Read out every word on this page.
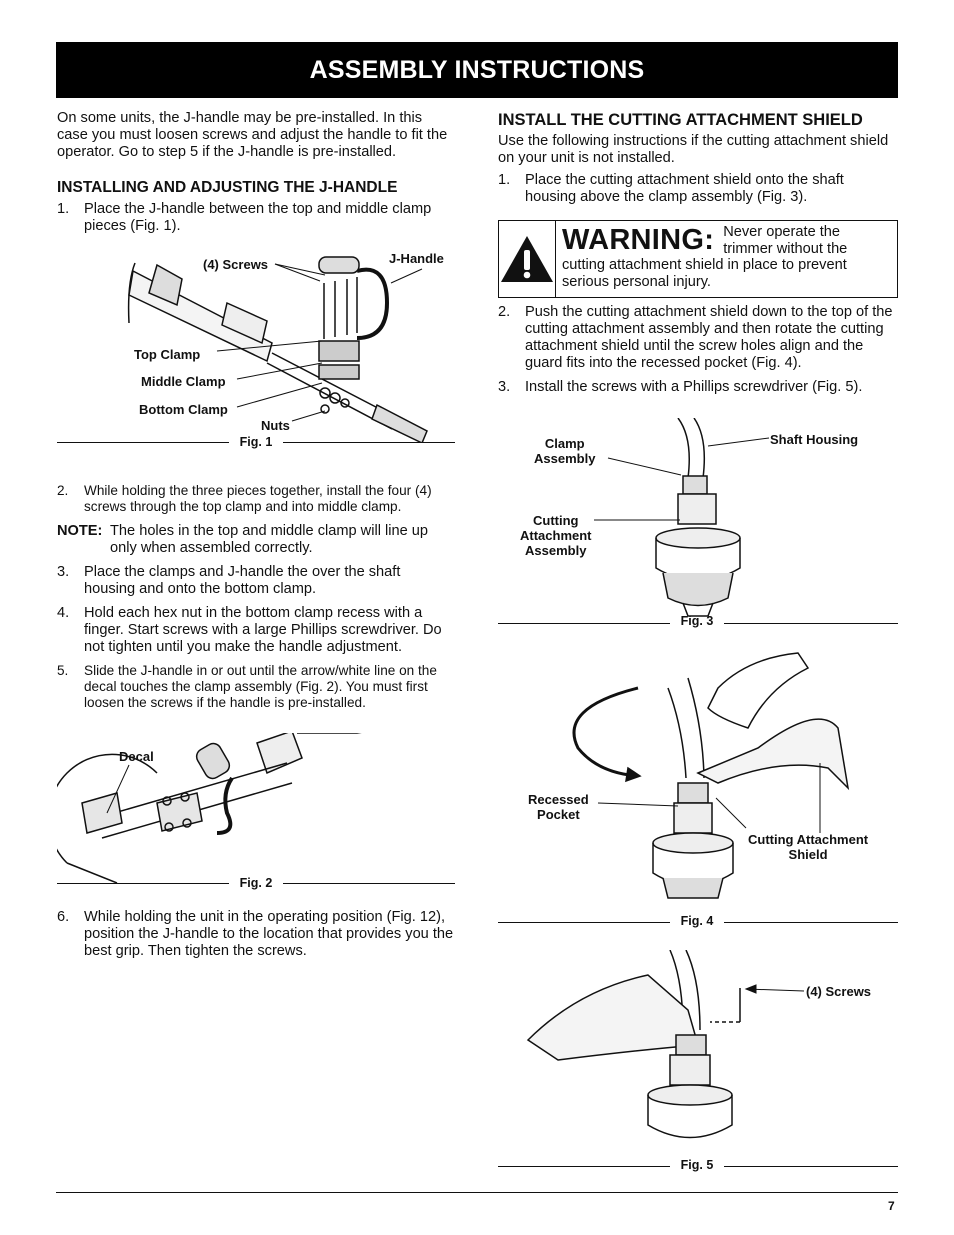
ASSEMBLY INSTRUCTIONS

On some units, the J-handle may be pre-installed. In this case you must loosen screws and adjust the handle to fit the operator. Go to step 5 if the J-handle is pre-installed.

INSTALLING AND ADJUSTING THE J-HANDLE
1. Place the J-handle between the top and middle clamp pieces (Fig. 1).
(4) Screws	J-Handle
Top Clamp
Middle Clamp
Bottom Clamp
Nuts
Fig. 1
2. While holding the three pieces together, install the four (4) screws through the top clamp and into middle clamp.
NOTE: The holes in the top and middle clamp will line up only when assembled correctly.
3. Place the clamps and J-handle the over the shaft housing and onto the bottom clamp.
4. Hold each hex nut in the bottom clamp recess with a finger. Start screws with a large Phillips screwdriver. Do not tighten until you make the handle adjustment.
5. Slide the J-handle in or out until the arrow/white line on the decal touches the clamp assembly (Fig. 2). You must first loosen the screws if the handle is pre-installed.
Decal
Fig. 2
6. While holding the unit in the operating position (Fig. 12), position the J-handle to the location that provides you the best grip. Then tighten the screws.
INSTALL THE CUTTING ATTACHMENT SHIELD

Use the following instructions if the cutting attachment shield on your unit is not installed.

1. Place the cutting attachment shield onto the shaft housing above the clamp assembly (Fig. 3).
WARNING: Never operate the trimmer without the cutting attachment shield in place to prevent serious personal injury.
2. Push the cutting attachment shield down to the top of the cutting attachment assembly and then rotate the cutting attachment shield until the screw holes align and the guard fits into the recessed pocket (Fig. 4).
3. Install the screws with a Phillips screwdriver (Fig. 5).
Clamp
Assembly
Shaft Housing
Cutting
Attachment
Assembly
Fig. 3
Recessed
Pocket
Cutting Attachment
Shield
Fig. 4
(4) Screws
Fig. 5
7
